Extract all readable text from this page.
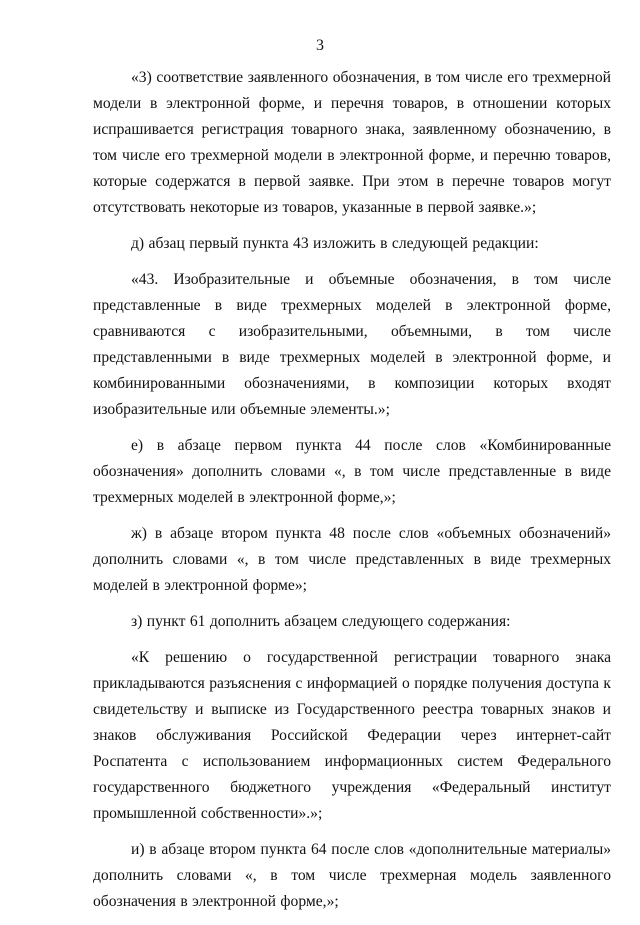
3

«3) соответствие заявленного обозначения, в том числе его трехмерной модели в электронной форме, и перечня товаров, в отношении которых испрашивается регистрация товарного знака, заявленному обозначению, в том числе его трехмерной модели в электронной форме, и перечню товаров, которые содержатся в первой заявке. При этом в перечне товаров могут отсутствовать некоторые из товаров, указанные в первой заявке.»;

д) абзац первый пункта 43 изложить в следующей редакции:

«43. Изобразительные и объемные обозначения, в том числе представленные в виде трехмерных моделей в электронной форме, сравниваются с изобразительными, объемными, в том числе представленными в виде трехмерных моделей в электронной форме, и комбинированными обозначениями, в композиции которых входят изобразительные или объемные элементы.»;

е) в абзаце первом пункта 44 после слов «Комбинированные обозначения» дополнить словами «, в том числе представленные в виде трехмерных моделей в электронной форме,»;

ж) в абзаце втором пункта 48 после слов «объемных обозначений» дополнить словами «, в том числе представленных в виде трехмерных моделей в электронной форме»;

з) пункт 61 дополнить абзацем следующего содержания:

«К решению о государственной регистрации товарного знака прикладываются разъяснения с информацией о порядке получения доступа к свидетельству и выписке из Государственного реестра товарных знаков и знаков обслуживания Российской Федерации через интернет-сайт Роспатента с использованием информационных систем Федерального государственного бюджетного учреждения «Федеральный институт промышленной собственности».»;

и) в абзаце втором пункта 64 после слов «дополнительные материалы» дополнить словами «, в том числе трехмерная модель заявленного обозначения в электронной форме,»;
